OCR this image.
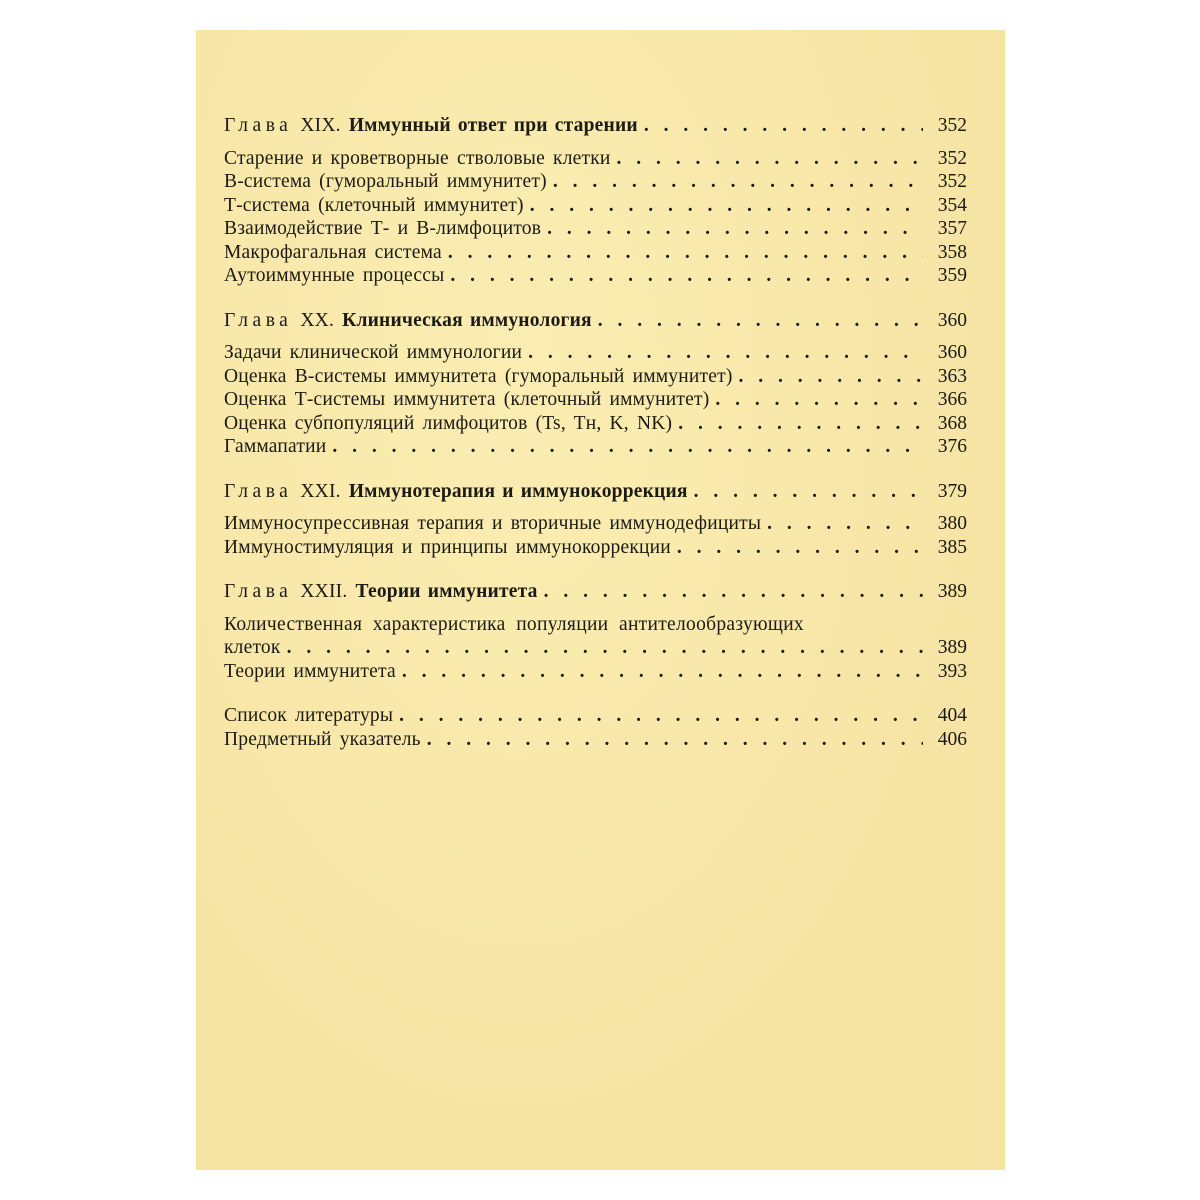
Глава XIX. Иммунный ответ при старении . . .	352
Старение и кроветворные стволовые клетки . . .	352
В-система (гуморальный иммунитет) . . .	352
Т-система (клеточный иммунитет) . . .	354
Взаимодействие Т- и В-лимфоцитов . . .	357
Макрофагальная система . . .	358
Аутоиммунные процессы . . .	359
Глава XX. Клиническая иммунология . . .	360
Задачи клинической иммунологии . . .	360
Оценка В-системы иммунитета (гуморальный иммунитет) . . .	363
Оценка Т-системы иммунитета (клеточный иммунитет) . . .	366
Оценка субпопуляций лимфоцитов (Ts, Tн, K, NK) . . .	368
Гаммапатии . . .	376
Глава XXI. Иммунотерапия и иммунокоррекция . . .	379
Иммуносупрессивная терапия и вторичные иммунодефициты . . .	380
Иммуностимуляция и принципы иммунокоррекции . . .	385
Глава XXII. Теории иммунитета . . .	389
Количественная характеристика популяции антителообразующих
клеток . . .	389
Теории иммунитета . . .	393
Список литературы . . .	404
Предметный указатель . . .	406
